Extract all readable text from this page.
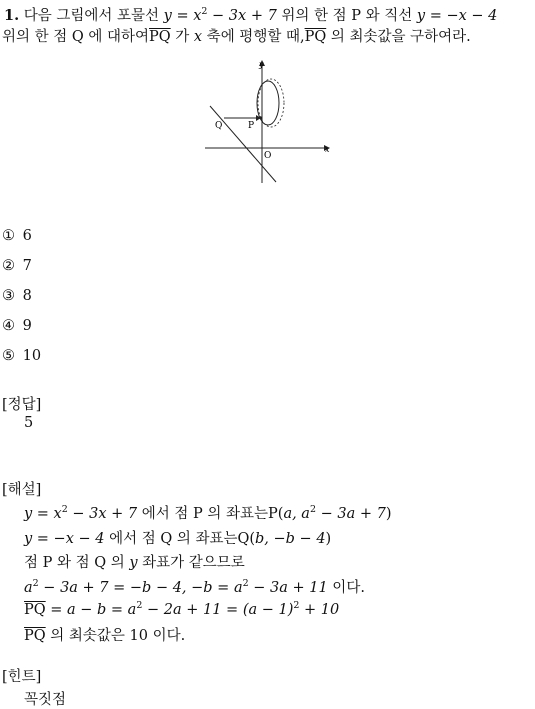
1. 다음 그림에서 포물선 $y = x^2 - 3x + 7$ 위의 한 점 P 와 직선 y = −x − 4
위의 한 점 Q 에 대하여$\overline{PQ}$ 가 x 축에 평행할 때$,\overline{PQ}$ 의 최솟값을 구하여라.
y
x
O
P
Q
① 6
② 7
③ 8
④ 9
⑤ 10
[정답]
5
[해설]
$y = x^2 - 3x + 7$ 에서 점 P 의 좌표는P(a, $a^2 - 3a + 7$)
y = −x − 4 에서 점 Q 의 좌표는Q(b, −b − 4)
점 P 와 점 Q 의 y 좌표가 같으므로
$a^2 - 3a + 7 = -b - 4$, $-b = a^2 - 3a + 11$ 이다.
$\overline{PQ} = a - b = a^2 - 2a + 11 = (a - 1)^2 + 10$
$\overline{PQ}$ 의 최솟값은 10 이다.
[힌트]
꼭짓점
